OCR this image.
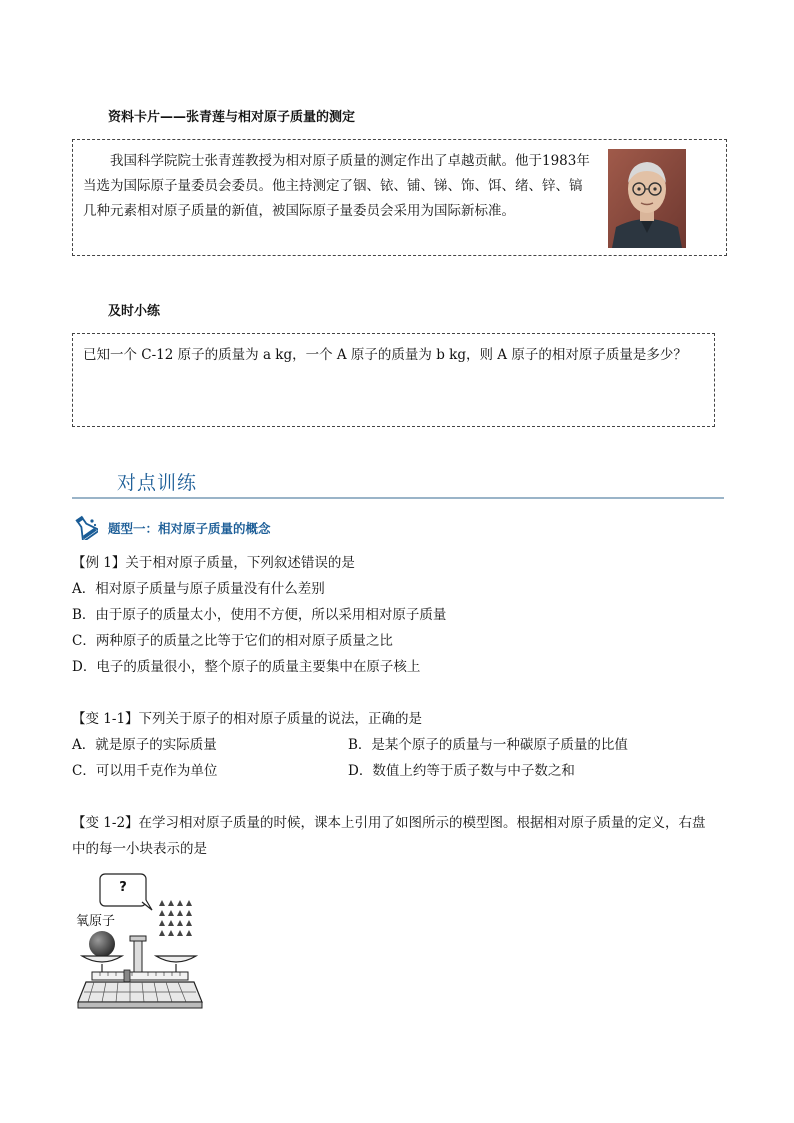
资料卡片——张青莲与相对原子质量的测定
我国科学院院士张青莲教授为相对原子质量的测定作出了卓越贡献。他于1983年当选为国际原子量委员会委员。他主持测定了铟、铱、铺、锑、饰、饵、绪、锌、镐几种元素相对原子质量的新值，被国际原子量委员会采用为国际新标准。
及时小练
已知一个 C-12 原子的质量为 a kg，一个 A 原子的质量为 b kg，则 A 原子的相对原子质量是多少？
对点训练
题型一：相对原子质量的概念
【例 1】关于相对原子质量，下列叙述错误的是
A．相对原子质量与原子质量没有什么差别
B．由于原子的质量太小，使用不方便，所以采用相对原子质量
C．两种原子的质量之比等于它们的相对原子质量之比
D．电子的质量很小，整个原子的质量主要集中在原子核上
【变 1-1】下列关于原子的相对原子质量的说法，正确的是
A．就是原子的实际质量	B．是某个原子的质量与一种碳原子质量的比值
C．可以用千克作为单位	D．数值上约等于质子数与中子数之和
【变 1-2】在学习相对原子质量的时候，课本上引用了如图所示的模型图。根据相对原子质量的定义，右盘
中的每一小块表示的是
?
氧原子
